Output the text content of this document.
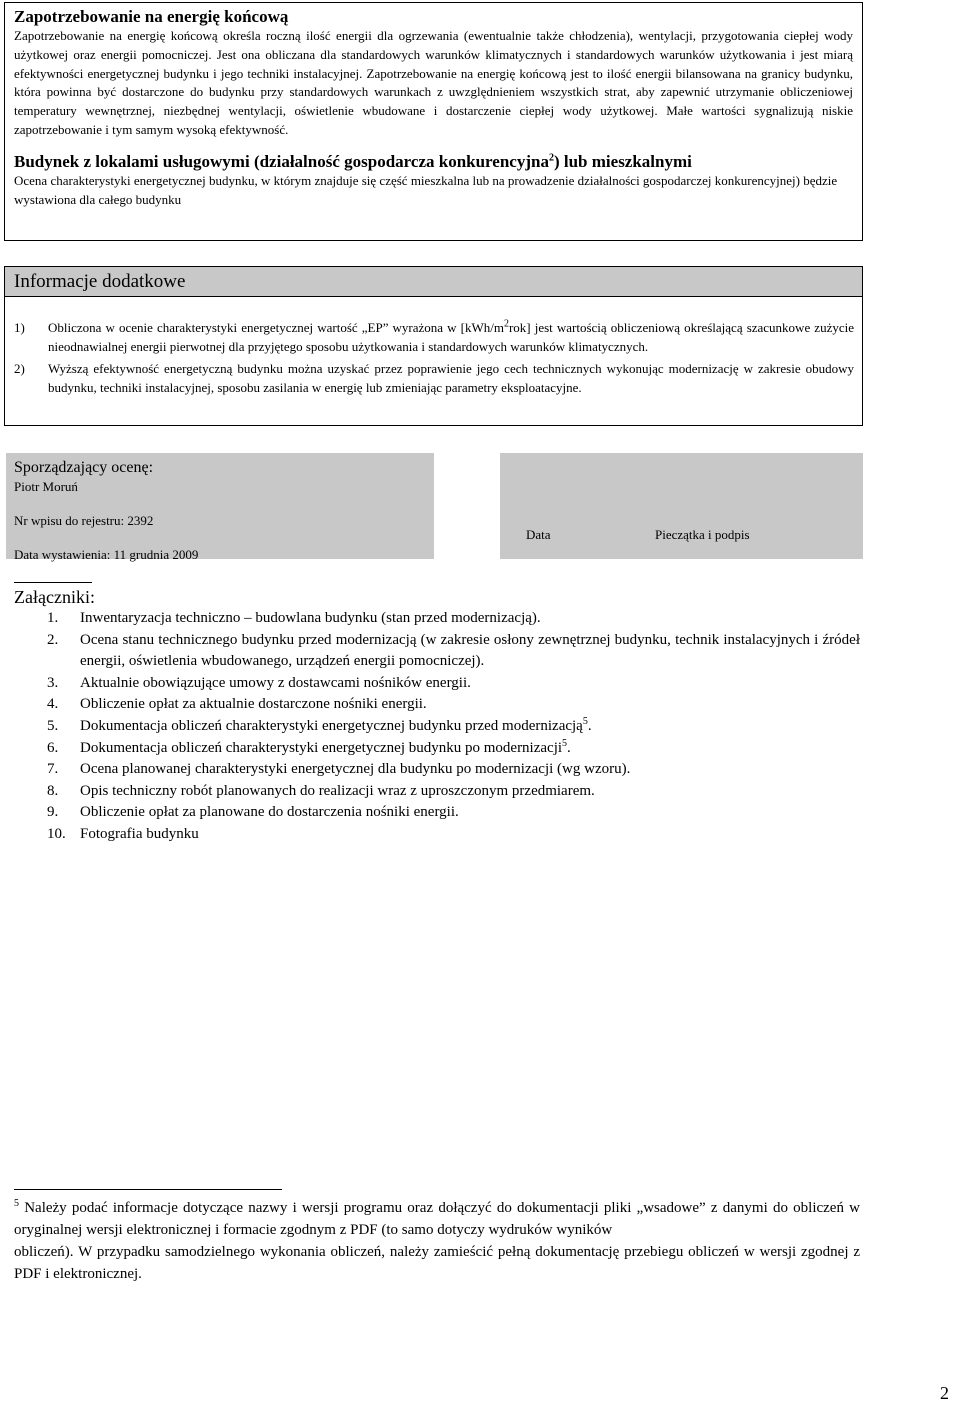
Zapotrzebowanie na energię końcową

Zapotrzebowanie na energię końcową określa roczną ilość energii dla ogrzewania (ewentualnie także chłodzenia), wentylacji, przygotowania ciepłej wody użytkowej oraz energii pomocniczej. Jest ona obliczana dla standardowych warunków klimatycznych i standardowych warunków użytkowania i jest miarą efektywności energetycznej budynku i jego techniki instalacyjnej. Zapotrzebowanie na energię końcową jest to ilość energii bilansowana na granicy budynku, która powinna być dostarczone do budynku przy standardowych warunkach z uwzględnieniem wszystkich strat, aby zapewnić utrzymanie obliczeniowej temperatury wewnętrznej, niezbędnej wentylacji, oświetlenie wbudowane i dostarczenie ciepłej wody użytkowej. Małe wartości sygnalizują niskie zapotrzebowanie i tym samym wysoką efektywność.

Budynek z lokalami usługowymi (działalność gospodarcza konkurencyjna$^2$) lub mieszkalnymi

Ocena charakterystyki energetycznej budynku, w którym znajduje się część mieszkalna lub na prowadzenie działalności gospodarczej konkurencyjnej) będzie wystawiona dla całego budynku

Informacje dodatkowe
1)	Obliczona w ocenie charakterystyki energetycznej wartość „EP” wyrażona w $[kWh/m^2rok]$ jest wartością obliczeniową określającą szacunkowe zużycie nieodnawialnej energii pierwotnej dla przyjętego sposobu użytkowania i standardowych warunków klimatycznych.
2)	Wyższą efektywność energetyczną budynku można uzyskać przez poprawienie jego cech technicznych wykonując modernizację w zakresie obudowy budynku, techniki instalacyjnej, sposobu zasilania w energię lub zmieniając parametry eksploatacyjne.
Sporządzający ocenę:
Piotr Moruń
Nr wpisu do rejestru: 2392
Data wystawienia: 11 grudnia 2009
Data	Pieczątka i podpis
Załączniki:
1.	Inwentaryzacja techniczno – budowlana budynku (stan przed modernizacją).
2.	Ocena stanu technicznego budynku przed modernizacją (w zakresie osłony zewnętrznej budynku, technik instalacyjnych i źródeł energii, oświetlenia wbudowanego, urządzeń energii pomocniczej).
3.	Aktualnie obowiązujące umowy z dostawcami nośników energii.
4.	Obliczenie opłat za aktualnie dostarczone nośniki energii.
5.	Dokumentacja obliczeń charakterystyki energetycznej budynku przed modernizacją$^5$.
6.	Dokumentacja obliczeń charakterystyki energetycznej budynku po modernizacji$^5$.
7.	Ocena planowanej charakterystyki energetycznej dla budynku po modernizacji (wg wzoru).
8.	Opis techniczny robót planowanych do realizacji wraz z uproszczonym przedmiarem.
9.	Obliczenie opłat za planowane do dostarczenia nośniki energii.
10. Fotografia budynku
$^5$ Należy podać informacje dotyczące nazwy i wersji programu oraz dołączyć do dokumentacji pliki „wsadowe” z danymi do obliczeń w oryginalnej wersji elektronicznej i formacie zgodnym z PDF (to samo dotyczy wydruków wyników
obliczeń). W przypadku samodzielnego wykonania obliczeń, należy zamieścić pełną dokumentację przebiegu obliczeń w wersji zgodnej z PDF i elektronicznej.
2
